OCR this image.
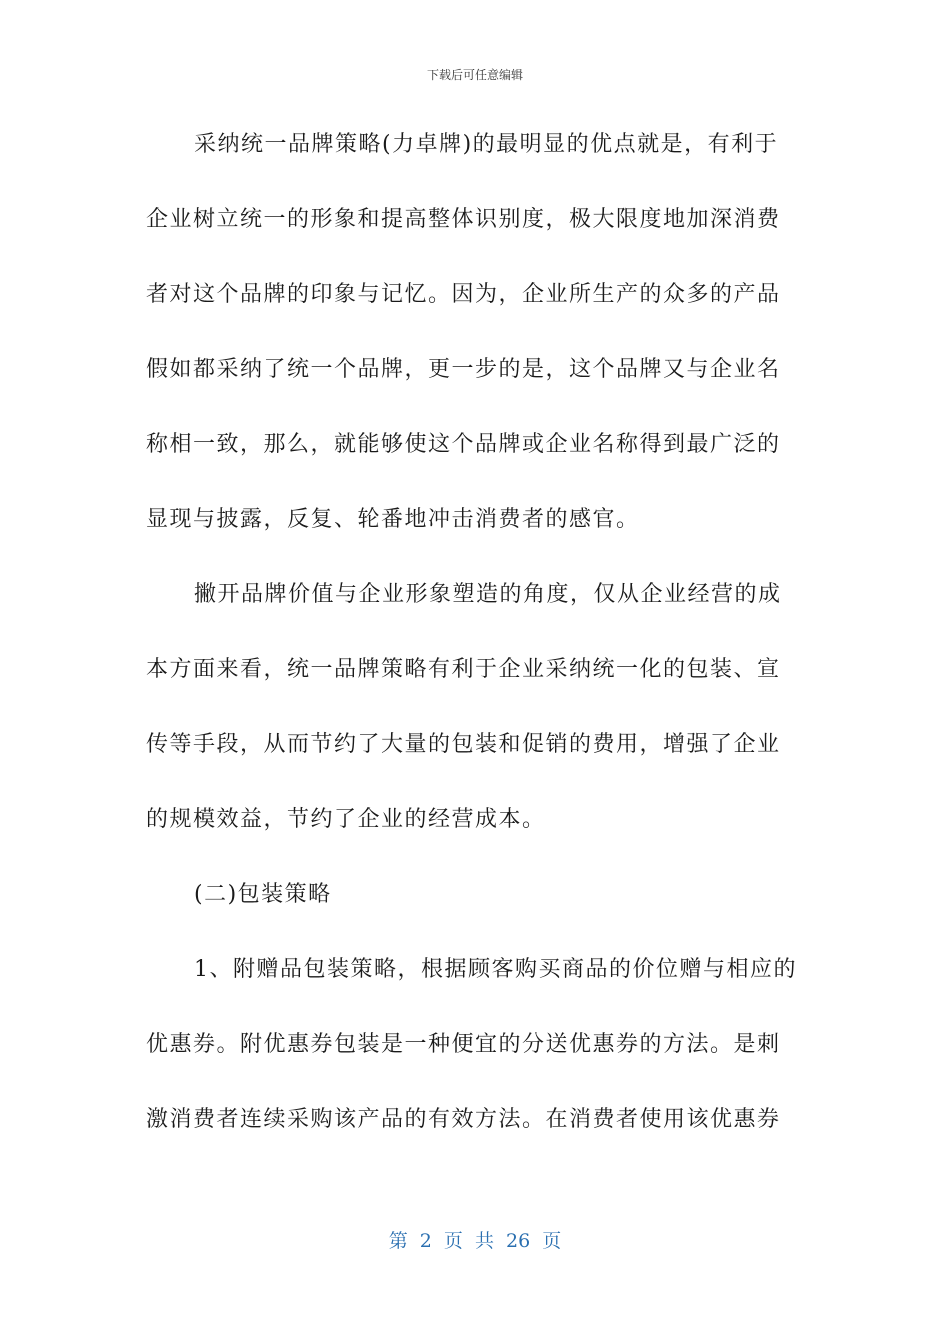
下载后可任意编辑
采纳统一品牌策略(力卓牌)的最明显的优点就是，有利于
企业树立统一的形象和提高整体识别度，极大限度地加深消费
者对这个品牌的印象与记忆。因为，企业所生产的众多的产品
假如都采纳了统一个品牌，更一步的是，这个品牌又与企业名
称相一致，那么，就能够使这个品牌或企业名称得到最广泛的
显现与披露，反复、轮番地冲击消费者的感官。
撇开品牌价值与企业形象塑造的角度，仅从企业经营的成
本方面来看，统一品牌策略有利于企业采纳统一化的包装、宣
传等手段，从而节约了大量的包装和促销的费用，增强了企业
的规模效益，节约了企业的经营成本。
(二)包装策略
1、附赠品包装策略，根据顾客购买商品的价位赠与相应的
优惠券。附优惠券包装是一种便宜的分送优惠券的方法。是刺
激消费者连续采购该产品的有效方法。在消费者使用该优惠券
第 2 页 共 26 页
